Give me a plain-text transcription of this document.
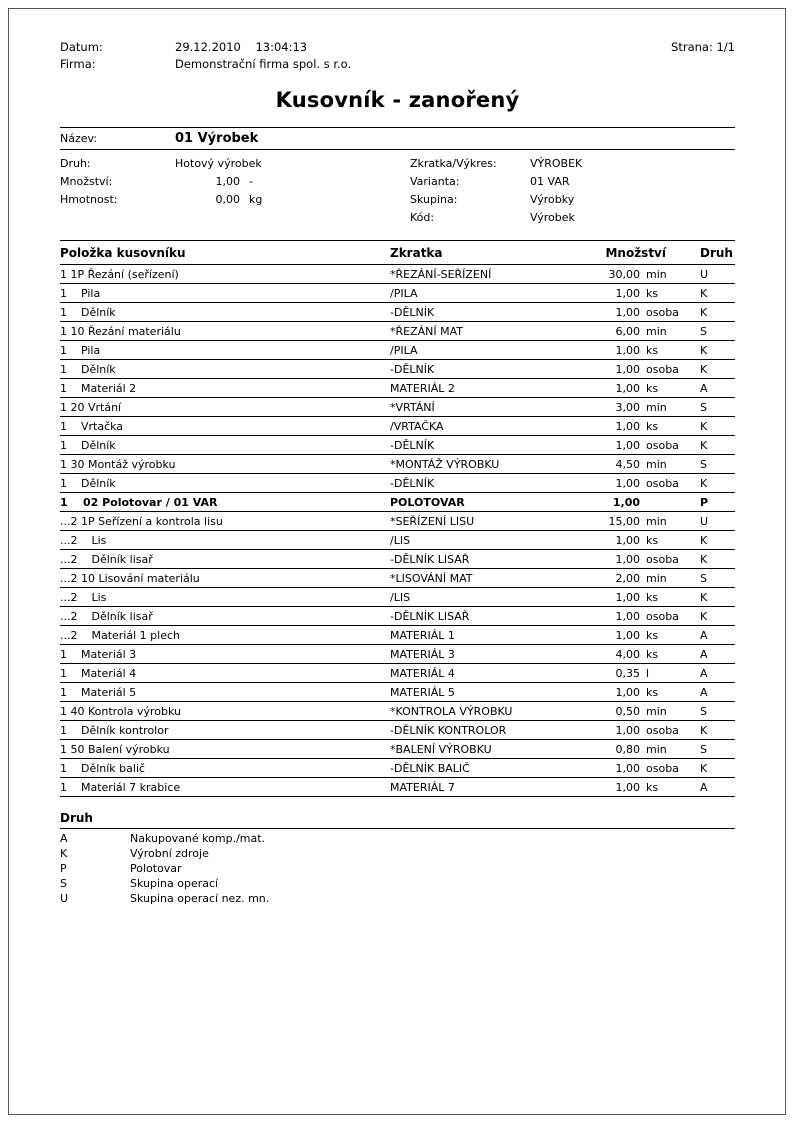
Datum:	29.12.2010    13:04:13
Firma:	Demonstrační firma spol. s r.o.
Strana: 1/1
Kusovník - zanořený
Název:	01 Výrobek
Druh:	Hotový výrobek	Zkratka/Výkres:	VÝROBEK
Množství:	1,00 -	Varianta:	01 VAR
Hmotnost:	0,00 kg	Skupina:	Výrobky
Kód:	Výrobek
Položka kusovníku	Zkratka	Množství	Druh
1 1P Řezání (seřízení)	*ŘEZÁNÍ-SEŘÍZENÍ	30,00 min	U
1    Pila	/PILA	1,00 ks	K
1    Dělník	-DĚLNÍK	1,00 osoba	K
1 10 Řezání materiálu	*ŘEZÁNÍ MAT	6,00 min	S
1    Pila	/PILA	1,00 ks	K
1    Dělník	-DĚLNÍK	1,00 osoba	K
1    Materiál 2	MATERIÁL 2	1,00 ks	A
1 20 Vrtání	*VRTÁNÍ	3,00 min	S
1    Vrtačka	/VRTAČKA	1,00 ks	K
1    Dělník	-DĚLNÍK	1,00 osoba	K
1 30 Montáž výrobku	*MONTÁŽ VÝROBKU	4,50 min	S
1    Dělník	-DĚLNÍK	1,00 osoba	K
1    02 Polotovar / 01 VAR	POLOTOVAR	1,00	P
...2 1P Seřízení a kontrola lisu	*SEŘÍZENÍ LISU	15,00 min	U
...2    Lis	/LIS	1,00 ks	K
...2    Dělník lisař	-DĚLNÍK LISAŘ	1,00 osoba	K
...2 10 Lisování materiálu	*LISOVÁNÍ MAT	2,00 min	S
...2    Lis	/LIS	1,00 ks	K
...2    Dělník lisař	-DĚLNÍK LISAŘ	1,00 osoba	K
...2    Materiál 1 plech	MATERIÁL 1	1,00 ks	A
1    Materiál 3	MATERIÁL 3	4,00 ks	A
1    Materiál 4	MATERIÁL 4	0,35 l	A
1    Materiál 5	MATERIÁL 5	1,00 ks	A
1 40 Kontrola výrobku	*KONTROLA VÝROBKU	0,50 min	S
1    Dělník kontrolor	-DĚLNÍK KONTROLOR	1,00 osoba	K
1 50 Balení výrobku	*BALENÍ VÝROBKU	0,80 min	S
1    Dělník balič	-DĚLNÍK BALIČ	1,00 osoba	K
1    Materiál 7 krabice	MATERIÁL 7	1,00 ks	A
Druh
A	Nakupované komp./mat.
K	Výrobní zdroje
P	Polotovar
S	Skupina operací
U	Skupina operací nez. mn.
